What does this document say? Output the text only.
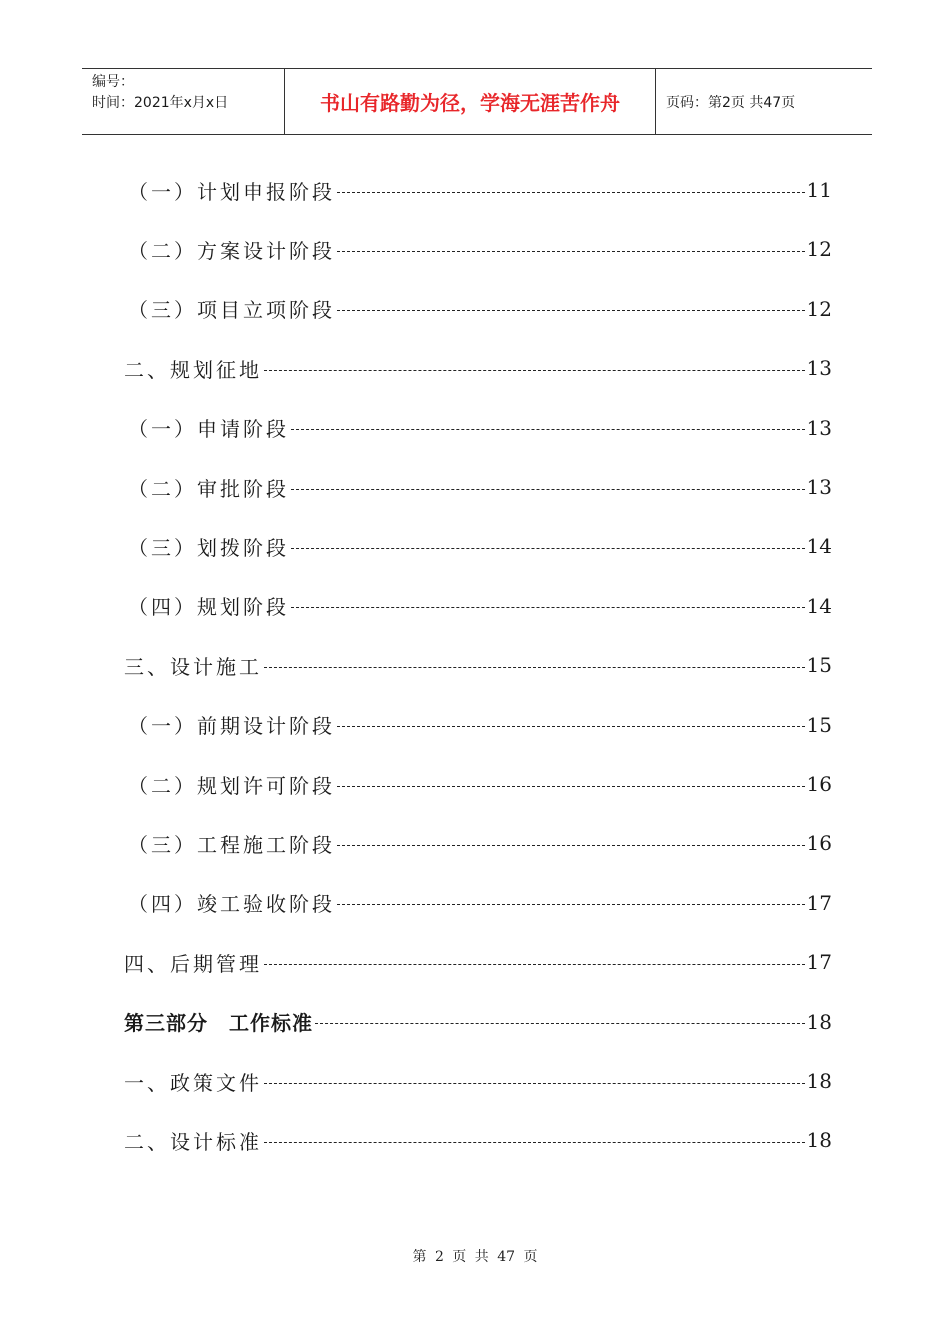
编号：
时间：2021年x月x日	书山有路勤为径，学海无涯苦作舟	页码：第2页 共47页
（一）计划申报阶段	11
（二）方案设计阶段	12
（三）项目立项阶段	12
二、规划征地	13
（一）申请阶段	13
（二）审批阶段	13
（三）划拨阶段	14
（四）规划阶段	14
三、设计施工	15
（一）前期设计阶段	15
（二）规划许可阶段	16
（三）工程施工阶段	16
（四）竣工验收阶段	17
四、后期管理	17
第三部分　工作标准	18
一、政策文件	18
二、设计标准	18
第 2 页 共 47 页
